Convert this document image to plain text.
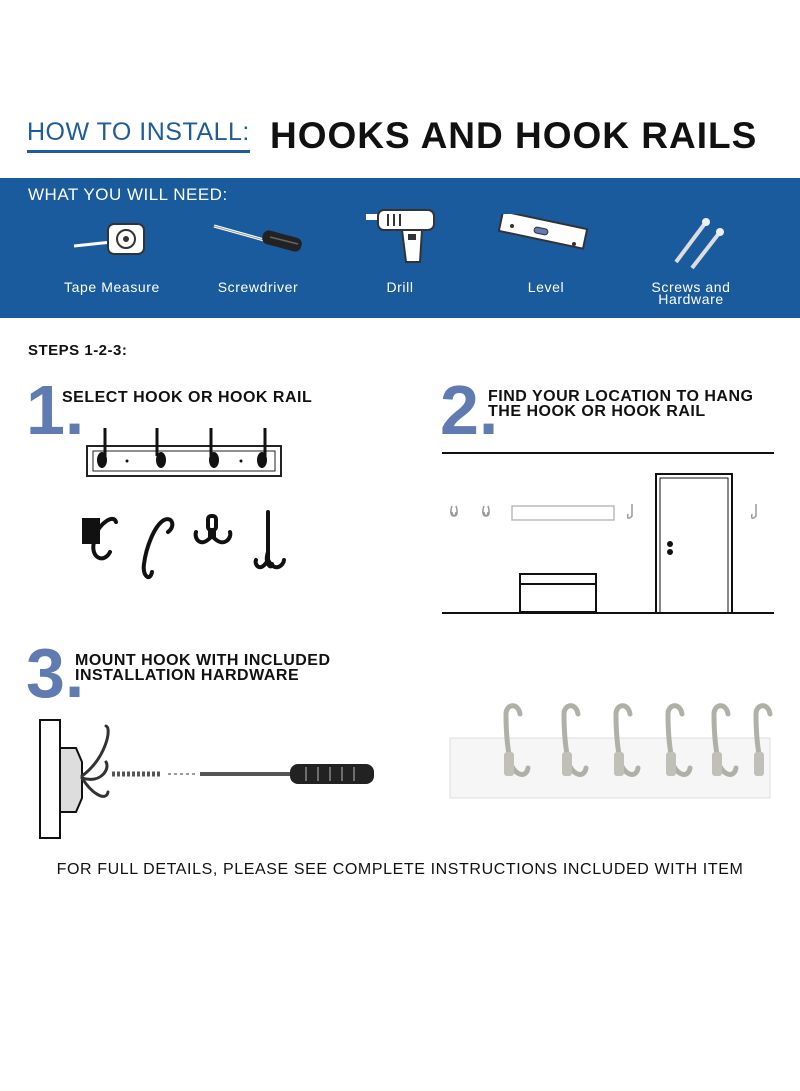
HOW TO INSTALL: HOOKS AND HOOK RAILS
WHAT YOU WILL NEED:
Tape Measure	Screwdriver	Drill	Level	Screws and
Hardware
STEPS 1-2-3:
1.
SELECT HOOK OR HOOK RAIL 2.
FIND YOUR LOCATION TO HANG
THE HOOK OR HOOK RAIL
3.
MOUNT HOOK WITH INCLUDED
INSTALLATION HARDWARE
FOR FULL DETAILS, PLEASE SEE COMPLETE INSTRUCTIONS INCLUDED WITH ITEM
